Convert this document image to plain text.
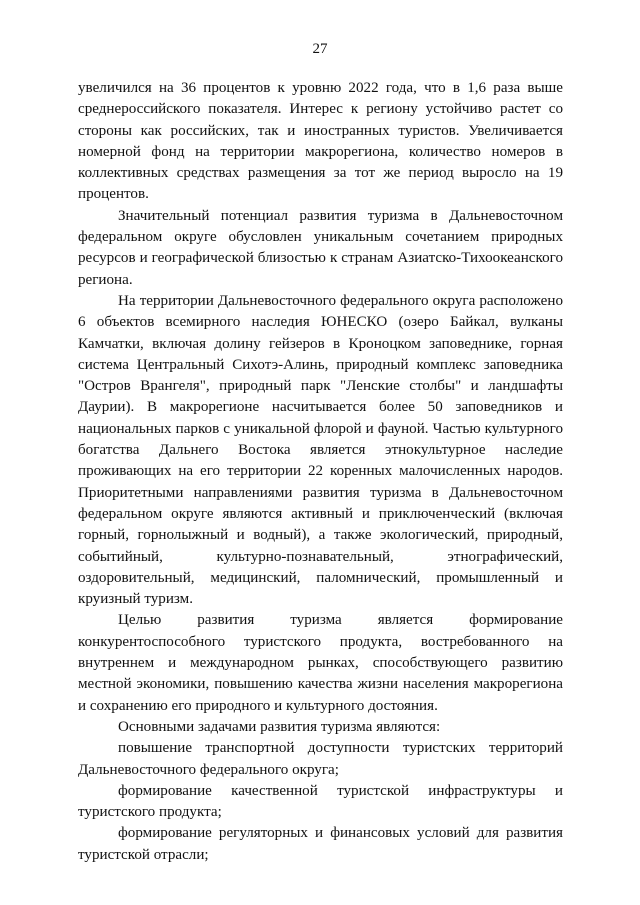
27

увеличился на 36 процентов к уровню 2022 года, что в 1,6 раза выше среднероссийского показателя. Интерес к региону устойчиво растет со стороны как российских, так и иностранных туристов. Увеличивается номерной фонд на территории макрорегиона, количество номеров в коллективных средствах размещения за тот же период выросло на 19 процентов.

Значительный потенциал развития туризма в Дальневосточном федеральном округе обусловлен уникальным сочетанием природных ресурсов и географической близостью к странам Азиатско-Тихоокеанского региона.

На территории Дальневосточного федерального округа расположено 6 объектов всемирного наследия ЮНЕСКО (озеро Байкал, вулканы Камчатки, включая долину гейзеров в Кроноцком заповеднике, горная система Центральный Сихотэ-Алинь, природный комплекс заповедника "Остров Врангеля", природный парк "Ленские столбы" и ландшафты Даурии). В макрорегионе насчитывается более 50 заповедников и национальных парков с уникальной флорой и фауной. Частью культурного богатства Дальнего Востока является этнокультурное наследие проживающих на его территории 22 коренных малочисленных народов. Приоритетными направлениями развития туризма в Дальневосточном федеральном округе являются активный и приключенческий (включая горный, горнолыжный и водный), а также экологический, природный, событийный, культурно-познавательный, этнографический, оздоровительный, медицинский, паломнический, промышленный и круизный туризм.

Целью развития туризма является формирование конкурентоспособного туристского продукта, востребованного на внутреннем и международном рынках, способствующего развитию местной экономики, повышению качества жизни населения макрорегиона и сохранению его природного и культурного достояния.

Основными задачами развития туризма являются:

повышение транспортной доступности туристских территорий Дальневосточного федерального округа;

формирование качественной туристской инфраструктуры и туристского продукта;

формирование регуляторных и финансовых условий для развития туристской отрасли;
